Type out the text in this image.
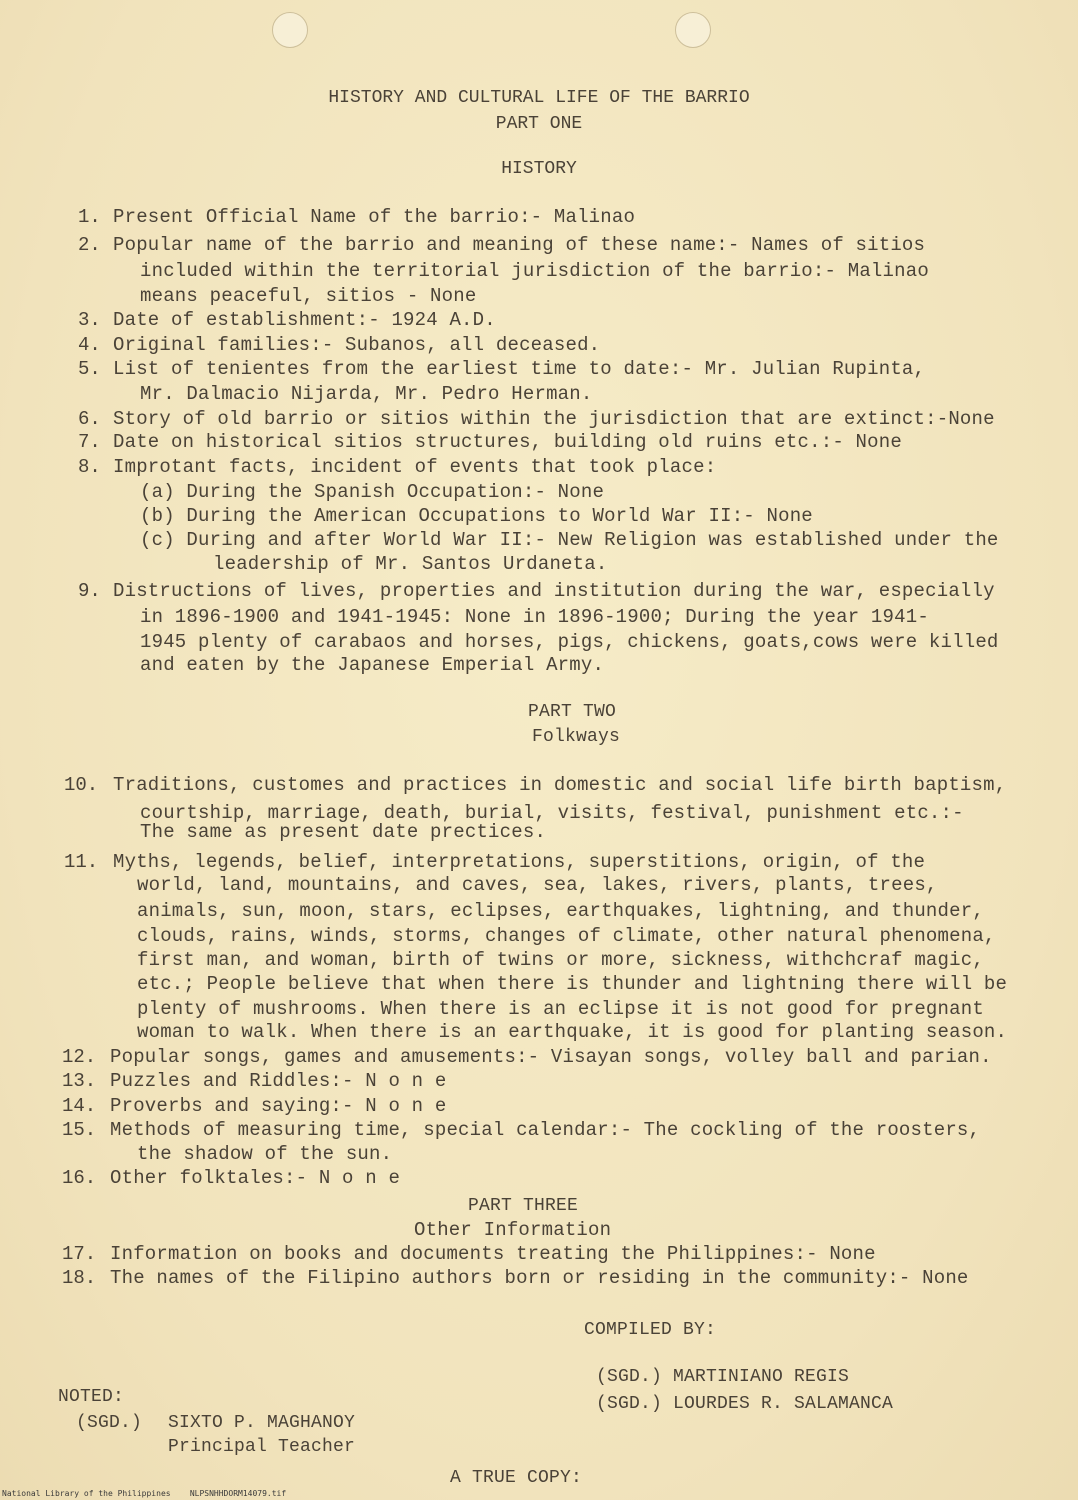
HISTORY AND CULTURAL LIFE OF THE BARRIO
PART ONE
HISTORY
1. Present Official Name of the barrio:- Malinao
2. Popular name of the barrio and meaning of these name:- Names of sitios
included within the territorial jurisdiction of the barrio:- Malinao
means peaceful, sitios - None
3. Date of establishment:- 1924 A.D.
4. Original families:- Subanos, all deceased.
5. List of tenientes from the earliest time to date:- Mr. Julian Rupinta,
Mr. Dalmacio Nijarda, Mr. Pedro Herman.
6. Story of old barrio or sitios within the jurisdiction that are extinct:-None
7. Date on historical sitios structures, building old ruins etc.:- None
8. Improtant facts, incident of events that took place:
(a) During the Spanish Occupation:- None
(b) During the American Occupations to World War II:- None
(c) During and after World War II:- New Religion was established under the
leadership of Mr. Santos Urdaneta.
9. Distructions of lives, properties and institution during the war, especially
in 1896-1900 and 1941-1945: None in 1896-1900; During the year 1941-
1945 plenty of carabaos and horses, pigs, chickens, goats,cows were killed
and eaten by the Japanese Emperial Army.
PART TWO
Folkways
10. Traditions, customes and practices in domestic and social life birth baptism,
courtship, marriage, death, burial, visits, festival, punishment etc.:-
The same as present date prectices.
11. Myths, legends, belief, interpretations, superstitions, origin, of the
world, land, mountains, and caves, sea, lakes, rivers, plants, trees,
animals, sun, moon, stars, eclipses, earthquakes, lightning, and thunder,
clouds, rains, winds, storms, changes of climate, other natural phenomena,
first man, and woman, birth of twins or more, sickness, withchcraf magic,
etc.; People believe that when there is thunder and lightning there will be
plenty of mushrooms. When there is an eclipse it is not good for pregnant
woman to walk. When there is an earthquake, it is good for planting season.
12. Popular songs, games and amusements:- Visayan songs, volley ball and parian.
13. Puzzles and Riddles:- N o n e
14. Proverbs and saying:- N o n e
15. Methods of measuring time, special calendar:- The cockling of the roosters,
the shadow of the sun.
16. Other folktales:- N o n e
PART THREE
Other Information
17. Information on books and documents treating the Philippines:- None
18. The names of the Filipino authors born or residing in the community:- None
COMPILED BY:
(SGD.) MARTINIANO REGIS
(SGD.) LOURDES R. SALAMANCA
NOTED:
(SGD.) SIXTO P. MAGHANOY
Principal Teacher
A TRUE COPY:
National Library of the Philippines    NLPSNHHDORM14079.tif
